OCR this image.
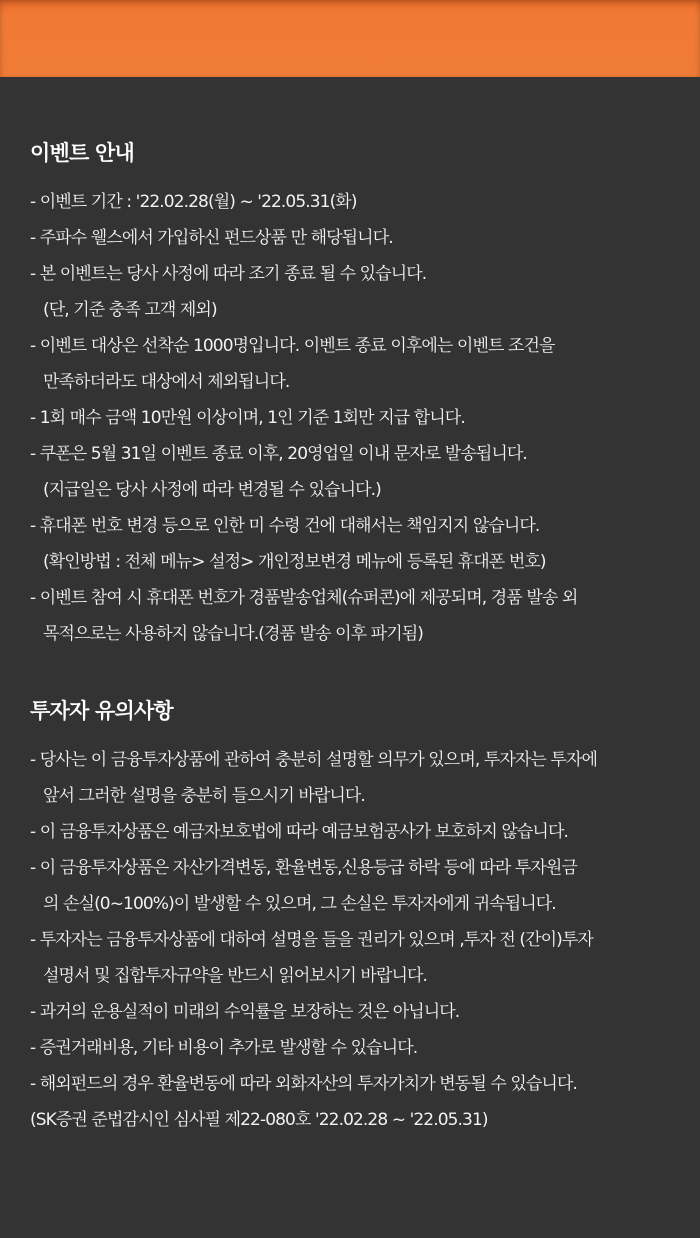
이벤트 안내
- 이벤트 기간 : '22.02.28(월) ~ '22.05.31(화)
- 주파수 웰스에서 가입하신 펀드상품 만 해당됩니다.
- 본 이벤트는 당사 사정에 따라 조기 종료 될 수 있습니다.
(단, 기준 충족 고객 제외)
- 이벤트 대상은 선착순 1000명입니다. 이벤트 종료 이후에는 이벤트 조건을
만족하더라도 대상에서 제외됩니다.
- 1회 매수 금액 10만원 이상이며, 1인 기준 1회만 지급 합니다.
- 쿠폰은 5월 31일 이벤트 종료 이후, 20영업일 이내 문자로 발송됩니다.
(지급일은 당사 사정에 따라 변경될 수 있습니다.)
- 휴대폰 번호 변경 등으로 인한 미 수령 건에 대해서는 책임지지 않습니다.
(확인방법 : 전체 메뉴> 설정> 개인정보변경 메뉴에 등록된 휴대폰 번호)
- 이벤트 참여 시 휴대폰 번호가 경품발송업체(슈퍼콘)에 제공되며, 경품 발송 외
목적으로는 사용하지 않습니다.(경품 발송 이후 파기됨)
투자자 유의사항
- 당사는 이 금융투자상품에 관하여 충분히 설명할 의무가 있으며, 투자자는 투자에
앞서 그러한 설명을 충분히 들으시기 바랍니다.
- 이 금융투자상품은 예금자보호법에 따라 예금보험공사가 보호하지 않습니다.
- 이 금융투자상품은 자산가격변동, 환율변동,신용등급 하락 등에 따라 투자원금
의 손실(0~100%)이 발생할 수 있으며, 그 손실은 투자자에게 귀속됩니다.
- 투자자는 금융투자상품에 대하여 설명을 들을 권리가 있으며 ,투자 전 (간이)투자
설명서 및 집합투자규약을 반드시 읽어보시기 바랍니다.
- 과거의 운용실적이 미래의 수익률을 보장하는 것은 아닙니다.
- 증권거래비용, 기타 비용이 추가로 발생할 수 있습니다.
- 해외펀드의 경우 환율변동에 따라 외화자산의 투자가치가 변동될 수 있습니다.
(SK증권 준법감시인 심사필 제22-080호 '22.02.28 ~ '22.05.31)
